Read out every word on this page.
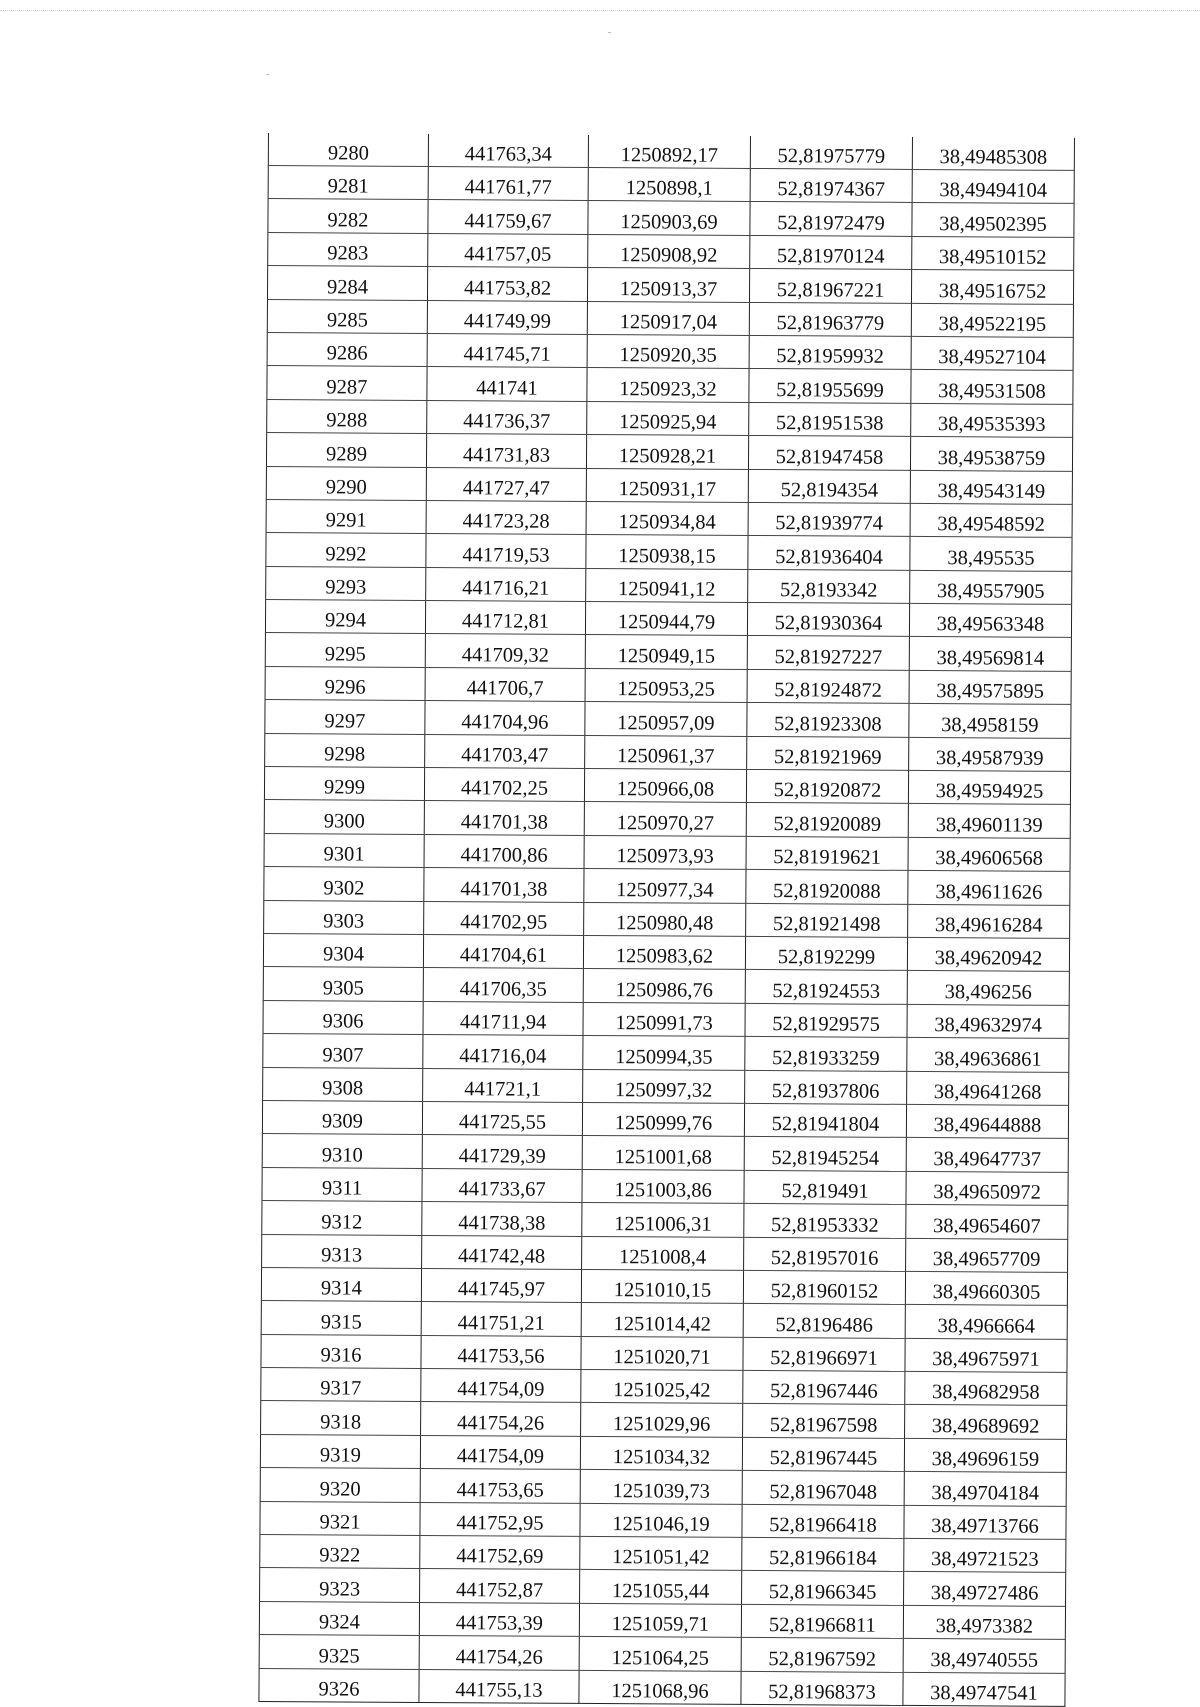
9280	441763,34	1250892,17	52,81975779	38,49485308
9281	441761,77	1250898,1	52,81974367	38,49494104
9282	441759,67	1250903,69	52,81972479	38,49502395
9283	441757,05	1250908,92	52,81970124	38,49510152
9284	441753,82	1250913,37	52,81967221	38,49516752
9285	441749,99	1250917,04	52,81963779	38,49522195
9286	441745,71	1250920,35	52,81959932	38,49527104
9287	441741	1250923,32	52,81955699	38,49531508
9288	441736,37	1250925,94	52,81951538	38,49535393
9289	441731,83	1250928,21	52,81947458	38,49538759
9290	441727,47	1250931,17	52,8194354	38,49543149
9291	441723,28	1250934,84	52,81939774	38,49548592
9292	441719,53	1250938,15	52,81936404	38,495535
9293	441716,21	1250941,12	52,8193342	38,49557905
9294	441712,81	1250944,79	52,81930364	38,49563348
9295	441709,32	1250949,15	52,81927227	38,49569814
9296	441706,7	1250953,25	52,81924872	38,49575895
9297	441704,96	1250957,09	52,81923308	38,4958159
9298	441703,47	1250961,37	52,81921969	38,49587939
9299	441702,25	1250966,08	52,81920872	38,49594925
9300	441701,38	1250970,27	52,81920089	38,49601139
9301	441700,86	1250973,93	52,81919621	38,49606568
9302	441701,38	1250977,34	52,81920088	38,49611626
9303	441702,95	1250980,48	52,81921498	38,49616284
9304	441704,61	1250983,62	52,8192299	38,49620942
9305	441706,35	1250986,76	52,81924553	38,496256
9306	441711,94	1250991,73	52,81929575	38,49632974
9307	441716,04	1250994,35	52,81933259	38,49636861
9308	441721,1	1250997,32	52,81937806	38,49641268
9309	441725,55	1250999,76	52,81941804	38,49644888
9310	441729,39	1251001,68	52,81945254	38,49647737
9311	441733,67	1251003,86	52,819491	38,49650972
9312	441738,38	1251006,31	52,81953332	38,49654607
9313	441742,48	1251008,4	52,81957016	38,49657709
9314	441745,97	1251010,15	52,81960152	38,49660305
9315	441751,21	1251014,42	52,8196486	38,4966664
9316	441753,56	1251020,71	52,81966971	38,49675971
9317	441754,09	1251025,42	52,81967446	38,49682958
9318	441754,26	1251029,96	52,81967598	38,49689692
9319	441754,09	1251034,32	52,81967445	38,49696159
9320	441753,65	1251039,73	52,81967048	38,49704184
9321	441752,95	1251046,19	52,81966418	38,49713766
9322	441752,69	1251051,42	52,81966184	38,49721523
9323	441752,87	1251055,44	52,81966345	38,49727486
9324	441753,39	1251059,71	52,81966811	38,4973382
9325	441754,26	1251064,25	52,81967592	38,49740555
9326	441755,13	1251068,96	52,81968373	38,49747541
